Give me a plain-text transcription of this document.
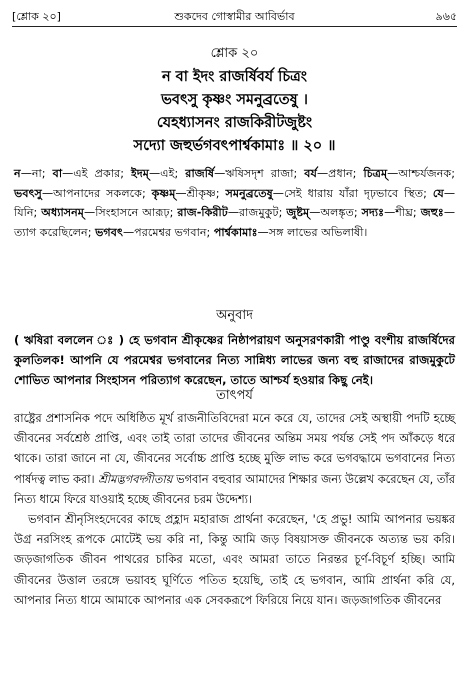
[শ্লোক ২০]	শুকদেব গোস্বামীর আবির্ভাব	৯৬৫
শ্লোক ২০
ন বা ইদং রাজর্ষিবর্য চিত্রং
ভবৎসু কৃষ্ণং সমনুব্রতেষু ।
যেহধ্যাসনং রাজকিরীটজুষ্টং
সদ্যো জহুর্ভগবৎপার্শ্বকামাঃ ॥ ২০ ॥
ন—না; বা—এই প্রকার; ইদম্—এই; রাজর্ষি—ঋষিসদৃশ রাজা; বর্য—প্রধান; চিত্রম্—আশ্চর্যজনক; ভবৎসু—আপনাদের সকলকে; কৃষ্ণম্—শ্রীকৃষ্ণ; সমনুব্রতেষু—সেই ধারায় যাঁরা দৃঢ়ভাবে স্থিত; যে—যিনি; অধ্যাসনম্—সিংহাসনে আরূঢ়; রাজ-কিরীট—রাজমুকুট; জুষ্টম্—অলঙ্কৃত; সদ্যঃ—শীঘ্র; জহুঃ—ত্যাগ করেছিলেন; ভগবৎ—পরমেশ্বর ভগবান; পার্শ্বকামাঃ—সঙ্গ লাভের অভিলাষী।
অনুবাদ
( ঋষিরা বললেন ঃ ) হে ভগবান শ্রীকৃষ্ণের নিষ্ঠাপরায়ণ অনুসরণকারী পাণ্ডু বংশীয় রাজর্ষিদের কুলতিলক! আপনি যে পরমেশ্বর ভগবানের নিত্য সান্নিধ্য লাভের জন্য বহু রাজাদের রাজমুকুটে শোভিত আপনার সিংহাসন পরিত্যাগ করেছেন, তাতে আশ্চর্য হওয়ার কিছু নেই।
তাৎপর্য

রাষ্ট্রের প্রশাসনিক পদে অধিষ্ঠিত মূর্খ রাজনীতিবিদেরা মনে করে যে, তাদের সেই অস্থায়ী পদটি হচ্ছে জীবনের সর্বশ্রেষ্ঠ প্রাপ্তি, এবং তাই তারা তাদের জীবনের অন্তিম সময় পর্যন্ত সেই পদ আঁকড়ে ধরে থাকে। তারা জানে না যে, জীবনের সর্বোচ্চ প্রাপ্তি হচ্ছে মুক্তি লাভ করে ভগবদ্ধামে ভগবানের নিত্য পার্ষদত্ব লাভ করা। শ্রীমদ্ভগবদ্গীতায় ভগবান বহুবার আমাদের শিক্ষার জন্য উল্লেখ করেছেন যে, তাঁর নিত্য ধামে ফিরে যাওয়াই হচ্ছে জীবনের চরম উদ্দেশ্য।

ভগবান শ্রীনৃসিংহদেবের কাছে প্রহ্লাদ মহারাজ প্রার্থনা করেছেন, 'হে প্রভু! আমি আপনার ভয়ঙ্কর উগ্র নরসিংহ রূপকে মোটেই ভয় করি না, কিন্তু আমি জড় বিষয়াসক্ত জীবনকে অত্যন্ত ভয় করি। জড়জাগতিক জীবন পাথরের চাকির মতো, এবং আমরা তাতে নিরন্তর চূর্ণ-বিচূর্ণ হচ্ছি। আমি জীবনের উত্তাল তরঙ্গে ভয়াবহ ঘূর্ণিতে পতিত হয়েছি, তাই হে ভগবান, আমি প্রার্থনা করি যে, আপনার নিত্য ধামে আমাকে আপনার এক সেবকরূপে ফিরিয়ে নিয়ে যান। জড়জাগতিক জীবনের
